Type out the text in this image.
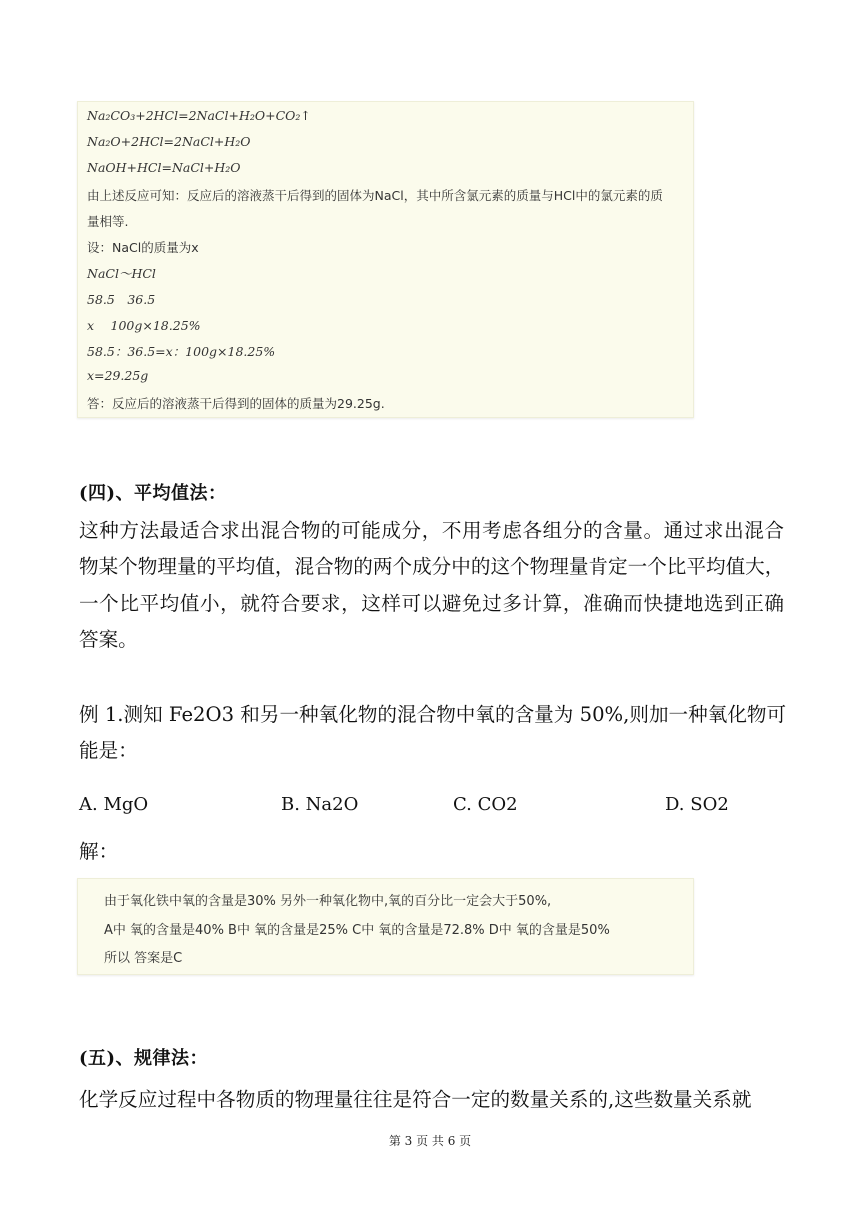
Na₂CO₃+2HCl=2NaCl+H₂O+CO₂↑
Na₂O+2HCl=2NaCl+H₂O
NaOH+HCl=NaCl+H₂O
由上述反应可知：反应后的溶液蒸干后得到的固体为NaCl，其中所含氯元素的质量与HCl中的氯元素的质
量相等.
设：NaCl的质量为x
NaCl～HCl
58.5　36.5
x　 100g×18.25%
58.5：36.5=x：100g×18.25%
x=29.25g
答：反应后的溶液蒸干后得到的固体的质量为29.25g.
(四)、平均值法：
这种方法最适合求出混合物的可能成分，不用考虑各组分的含量。通过求出混合
物某个物理量的平均值，混合物的两个成分中的这个物理量肯定一个比平均值大，
一个比平均值小，就符合要求，这样可以避免过多计算，准确而快捷地选到正确
答案。
例 1.测知 Fe2O3 和另一种氧化物的混合物中氧的含量为 50%,则加一种氧化物可
能是：
A. MgO	B. Na2O	C. CO2	D. SO2
解：
由于氧化铁中氧的含量是30% 另外一种氧化物中,氧的百分比一定会大于50%,
A中 氧的含量是40% B中 氧的含量是25% C中 氧的含量是72.8% D中 氧的含量是50%
所以 答案是C
(五)、规律法：
化学反应过程中各物质的物理量往往是符合一定的数量关系的,这些数量关系就
第 3 页 共 6 页
